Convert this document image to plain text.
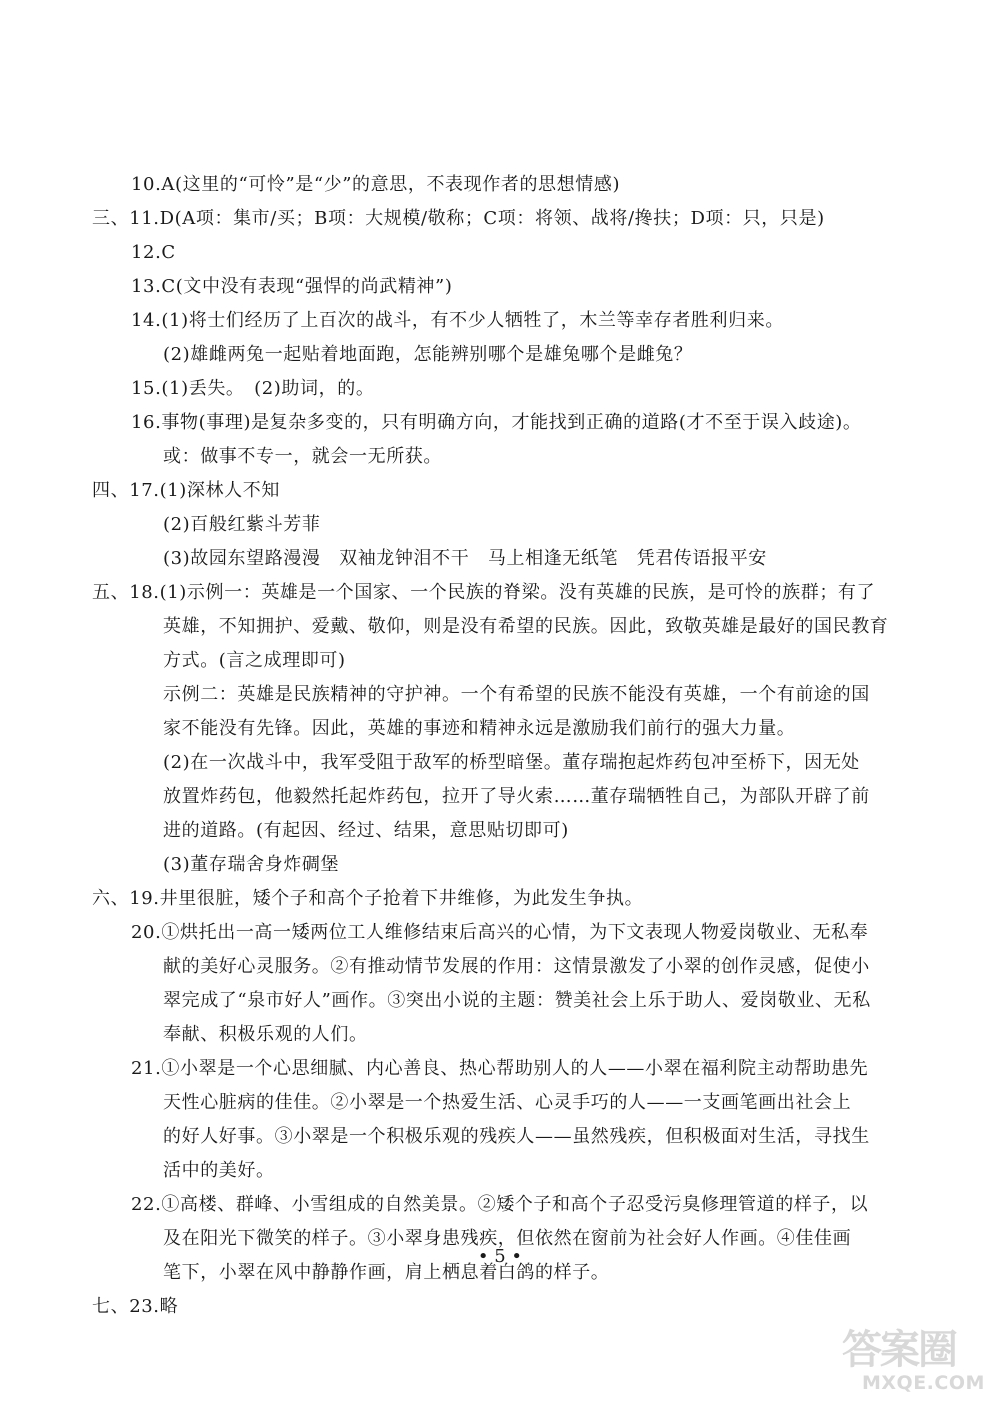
10.A(这里的“可怜”是“少”的意思，不表现作者的思想情感)
三、11.D(A项：集市/买；B项：大规模/敬称；C项：将领、战将/搀扶；D项：只，只是)
12.C
13.C(文中没有表现“强悍的尚武精神”)
14.(1)将士们经历了上百次的战斗，有不少人牺牲了，木兰等幸存者胜利归来。
(2)雄雌两兔一起贴着地面跑，怎能辨别哪个是雄兔哪个是雌兔？
15.(1)丢失。　(2)助词，的。
16.事物(事理)是复杂多变的，只有明确方向，才能找到正确的道路(才不至于误入歧途)。
或：做事不专一，就会一无所获。
四、17.(1)深林人不知
(2)百般红紫斗芳菲
(3)故园东望路漫漫　双袖龙钟泪不干　马上相逢无纸笔　凭君传语报平安
五、18.(1)示例一：英雄是一个国家、一个民族的脊梁。没有英雄的民族，是可怜的族群；有了
英雄，不知拥护、爱戴、敬仰，则是没有希望的民族。因此，致敬英雄是最好的国民教育
方式。(言之成理即可)
示例二：英雄是民族精神的守护神。一个有希望的民族不能没有英雄，一个有前途的国
家不能没有先锋。因此，英雄的事迹和精神永远是激励我们前行的强大力量。
(2)在一次战斗中，我军受阻于敌军的桥型暗堡。董存瑞抱起炸药包冲至桥下，因无处
放置炸药包，他毅然托起炸药包，拉开了导火索……董存瑞牺牲自己，为部队开辟了前
进的道路。(有起因、经过、结果，意思贴切即可)
(3)董存瑞舍身炸碉堡
六、19.井里很脏，矮个子和高个子抢着下井维修，为此发生争执。
20.①烘托出一高一矮两位工人维修结束后高兴的心情，为下文表现人物爱岗敬业、无私奉
献的美好心灵服务。②有推动情节发展的作用：这情景激发了小翠的创作灵感，促使小
翠完成了“泉市好人”画作。③突出小说的主题：赞美社会上乐于助人、爱岗敬业、无私
奉献、积极乐观的人们。
21.①小翠是一个心思细腻、内心善良、热心帮助别人的人——小翠在福利院主动帮助患先
天性心脏病的佳佳。②小翠是一个热爱生活、心灵手巧的人——一支画笔画出社会上
的好人好事。③小翠是一个积极乐观的残疾人——虽然残疾，但积极面对生活，寻找生
活中的美好。
22.①高楼、群峰、小雪组成的自然美景。②矮个子和高个子忍受污臭修理管道的样子，以
及在阳光下微笑的样子。③小翠身患残疾，但依然在窗前为社会好人作画。④佳佳画
笔下，小翠在风中静静作画，肩上栖息着白鸽的样子。
七、23.略
• 5 •
答案圈
MXQE.COM
